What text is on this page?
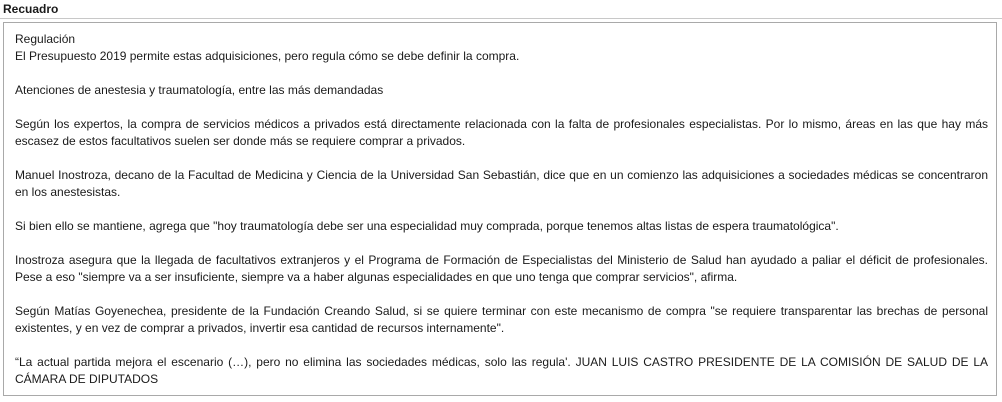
Recuadro

Regulación

El Presupuesto 2019 permite estas adquisiciones, pero regula cómo se debe definir la compra.

Atenciones de anestesia y traumatología, entre las más demandadas

Según los expertos, la compra de servicios médicos a privados está directamente relacionada con la falta de profesionales especialistas. Por lo mismo, áreas en las que hay más escasez de estos facultativos suelen ser donde más se requiere comprar a privados.

Manuel Inostroza, decano de la Facultad de Medicina y Ciencia de la Universidad San Sebastián, dice que en un comienzo las adquisiciones a sociedades médicas se concentraron en los anestesistas.

Si bien ello se mantiene, agrega que "hoy traumatología debe ser una especialidad muy comprada, porque tenemos altas listas de espera traumatológica".

Inostroza asegura que la llegada de facultativos extranjeros y el Programa de Formación de Especialistas del Ministerio de Salud han ayudado a paliar el déficit de profesionales. Pese a eso "siempre va a ser insuficiente, siempre va a haber algunas especialidades en que uno tenga que comprar servicios", afirma.

Según Matías Goyenechea, presidente de la Fundación Creando Salud, si se quiere terminar con este mecanismo de compra "se requiere transparentar las brechas de personal existentes, y en vez de comprar a privados, invertir esa cantidad de recursos internamente".

“La actual partida mejora el escenario (…), pero no elimina las sociedades médicas, solo las regula'. JUAN LUIS CASTRO PRESIDENTE DE LA COMISIÓN DE SALUD DE LA CÁMARA DE DIPUTADOS
